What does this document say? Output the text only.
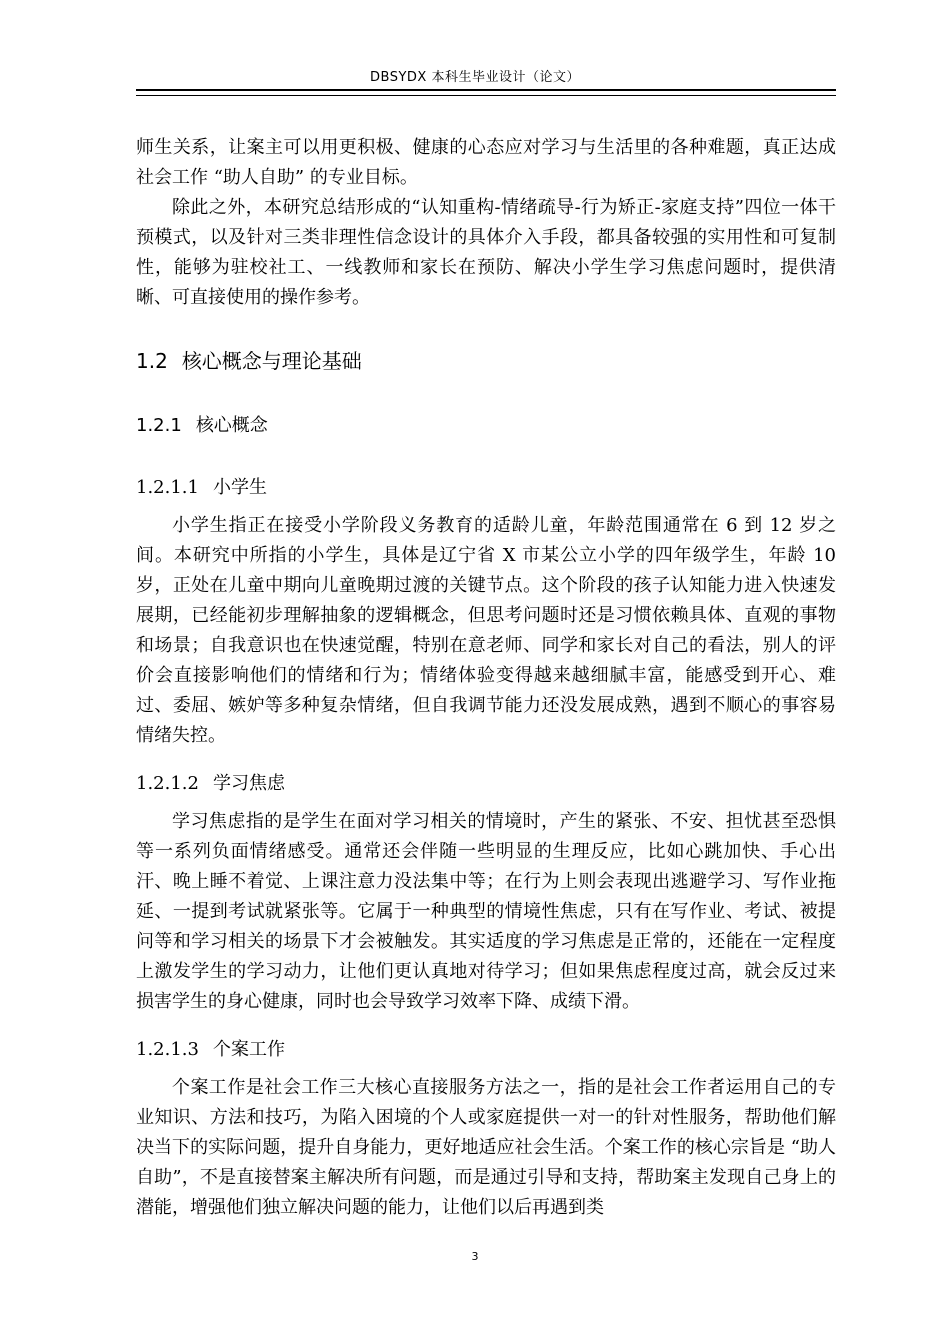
DBSYDX 本科生毕业设计（论文）

师生关系，让案主可以用更积极、健康的心态应对学习与生活里的各种难题，真正达成社会工作 “助人自助” 的专业目标。

除此之外，本研究总结形成的“认知重构-情绪疏导-行为矫正-家庭支持”四位一体干预模式，以及针对三类非理性信念设计的具体介入手段，都具备较强的实用性和可复制性，能够为驻校社工、一线教师和家长在预防、解决小学生学习焦虑问题时，提供清晰、可直接使用的操作参考。

1.2 核心概念与理论基础
1.2.1 核心概念
1.2.1.1 小学生

小学生指正在接受小学阶段义务教育的适龄儿童，年龄范围通常在 6 到 12 岁之间。本研究中所指的小学生，具体是辽宁省 X 市某公立小学的四年级学生，年龄 10 岁，正处在儿童中期向儿童晚期过渡的关键节点。这个阶段的孩子认知能力进入快速发展期，已经能初步理解抽象的逻辑概念，但思考问题时还是习惯依赖具体、直观的事物和场景；自我意识也在快速觉醒，特别在意老师、同学和家长对自己的看法，别人的评价会直接影响他们的情绪和行为；情绪体验变得越来越细腻丰富，能感受到开心、难过、委屈、嫉妒等多种复杂情绪，但自我调节能力还没发展成熟，遇到不顺心的事容易情绪失控。

1.2.1.2 学习焦虑

学习焦虑指的是学生在面对学习相关的情境时，产生的紧张、不安、担忧甚至恐惧等一系列负面情绪感受。通常还会伴随一些明显的生理反应，比如心跳加快、手心出汗、晚上睡不着觉、上课注意力没法集中等；在行为上则会表现出逃避学习、写作业拖延、一提到考试就紧张等。它属于一种典型的情境性焦虑，只有在写作业、考试、被提问等和学习相关的场景下才会被触发。其实适度的学习焦虑是正常的，还能在一定程度上激发学生的学习动力，让他们更认真地对待学习；但如果焦虑程度过高，就会反过来损害学生的身心健康，同时也会导致学习效率下降、成绩下滑。

1.2.1.3 个案工作

个案工作是社会工作三大核心直接服务方法之一，指的是社会工作者运用自己的专业知识、方法和技巧，为陷入困境的个人或家庭提供一对一的针对性服务，帮助他们解决当下的实际问题，提升自身能力，更好地适应社会生活。个案工作的核心宗旨是 “助人自助”，不是直接替案主解决所有问题，而是通过引导和支持，帮助案主发现自己身上的潜能，增强他们独立解决问题的能力，让他们以后再遇到类

3
